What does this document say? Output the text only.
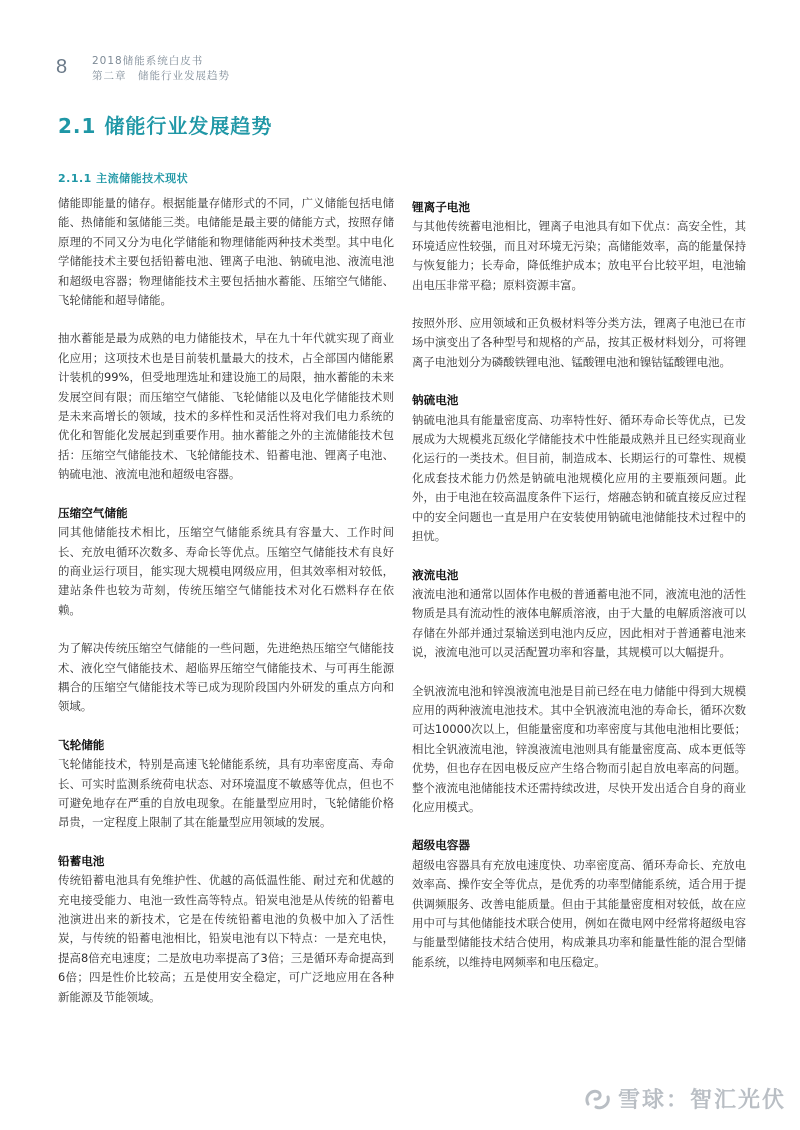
8 2018储能系统白皮书
第二章　储能行业发展趋势
2.1 储能行业发展趋势
2.1.1 主流储能技术现状

储能即能量的储存。根据能量存储形式的不同，广义储能包括电储能、热储能和氢储能三类。电储能是最主要的储能方式，按照存储原理的不同又分为电化学储能和物理储能两种技术类型。其中电化学储能技术主要包括铅蓄电池、锂离子电池、钠硫电池、液流电池和超级电容器；物理储能技术主要包括抽水蓄能、压缩空气储能、飞轮储能和超导储能。

抽水蓄能是最为成熟的电力储能技术，早在九十年代就实现了商业化应用；这项技术也是目前装机量最大的技术，占全部国内储能累计装机的99%，但受地理选址和建设施工的局限，抽水蓄能的未来发展空间有限；而压缩空气储能、飞轮储能以及电化学储能技术则是未来高增长的领域，技术的多样性和灵活性将对我们电力系统的优化和智能化发展起到重要作用。抽水蓄能之外的主流储能技术包括：压缩空气储能技术、飞轮储能技术、铅蓄电池、锂离子电池、钠硫电池、液流电池和超级电容器。

压缩空气储能

同其他储能技术相比，压缩空气储能系统具有容量大、工作时间长、充放电循环次数多、寿命长等优点。压缩空气储能技术有良好的商业运行项目，能实现大规模电网级应用，但其效率相对较低，建站条件也较为苛刻，传统压缩空气储能技术对化石燃料存在依赖。

为了解决传统压缩空气储能的一些问题，先进绝热压缩空气储能技术、液化空气储能技术、超临界压缩空气储能技术、与可再生能源耦合的压缩空气储能技术等已成为现阶段国内外研发的重点方向和领域。

飞轮储能

飞轮储能技术，特别是高速飞轮储能系统，具有功率密度高、寿命长、可实时监测系统荷电状态、对环境温度不敏感等优点，但也不可避免地存在严重的自放电现象。在能量型应用时，飞轮储能价格昂贵，一定程度上限制了其在能量型应用领域的发展。

铅蓄电池

传统铅蓄电池具有免维护性、优越的高低温性能、耐过充和优越的充电接受能力、电池一致性高等特点。铅炭电池是从传统的铅蓄电池演进出来的新技术，它是在传统铅蓄电池的负极中加入了活性炭，与传统的铅蓄电池相比，铅炭电池有以下特点：一是充电快，提高8倍充电速度；二是放电功率提高了3倍；三是循环寿命提高到6倍；四是性价比较高；五是使用安全稳定，可广泛地应用在各种新能源及节能领域。

锂离子电池

与其他传统蓄电池相比，锂离子电池具有如下优点：高安全性，其环境适应性较强，而且对环境无污染；高储能效率，高的能量保持与恢复能力；长寿命，降低维护成本；放电平台比较平坦，电池输出电压非常平稳；原料资源丰富。

按照外形、应用领域和正负极材料等分类方法，锂离子电池已在市场中演变出了各种型号和规格的产品，按其正极材料划分，可将锂离子电池划分为磷酸铁锂电池、锰酸锂电池和镍钴锰酸锂电池。

钠硫电池

钠硫电池具有能量密度高、功率特性好、循环寿命长等优点，已发展成为大规模兆瓦级化学储能技术中性能最成熟并且已经实现商业化运行的一类技术。但目前，制造成本、长期运行的可靠性、规模化成套技术能力仍然是钠硫电池规模化应用的主要瓶颈问题。此外，由于电池在较高温度条件下运行，熔融态钠和硫直接反应过程中的安全问题也一直是用户在安装使用钠硫电池储能技术过程中的担忧。

液流电池

液流电池和通常以固体作电极的普通蓄电池不同，液流电池的活性物质是具有流动性的液体电解质溶液，由于大量的电解质溶液可以存储在外部并通过泵输送到电池内反应，因此相对于普通蓄电池来说，液流电池可以灵活配置功率和容量，其规模可以大幅提升。

全钒液流电池和锌溴液流电池是目前已经在电力储能中得到大规模应用的两种液流电池技术。其中全钒液流电池的寿命长，循环次数可达10000次以上，但能量密度和功率密度与其他电池相比要低；相比全钒液流电池，锌溴液流电池则具有能量密度高、成本更低等优势，但也存在因电极反应产生络合物而引起自放电率高的问题。整个液流电池储能技术还需持续改进，尽快开发出适合自身的商业化应用模式。

超级电容器

超级电容器具有充放电速度快、功率密度高、循环寿命长、充放电效率高、操作安全等优点，是优秀的功率型储能系统，适合用于提供调频服务、改善电能质量。但由于其能量密度相对较低，故在应用中可与其他储能技术联合使用，例如在微电网中经常将超级电容与能量型储能技术结合使用，构成兼具功率和能量性能的混合型储能系统，以维持电网频率和电压稳定。

雪球：智汇光伏
